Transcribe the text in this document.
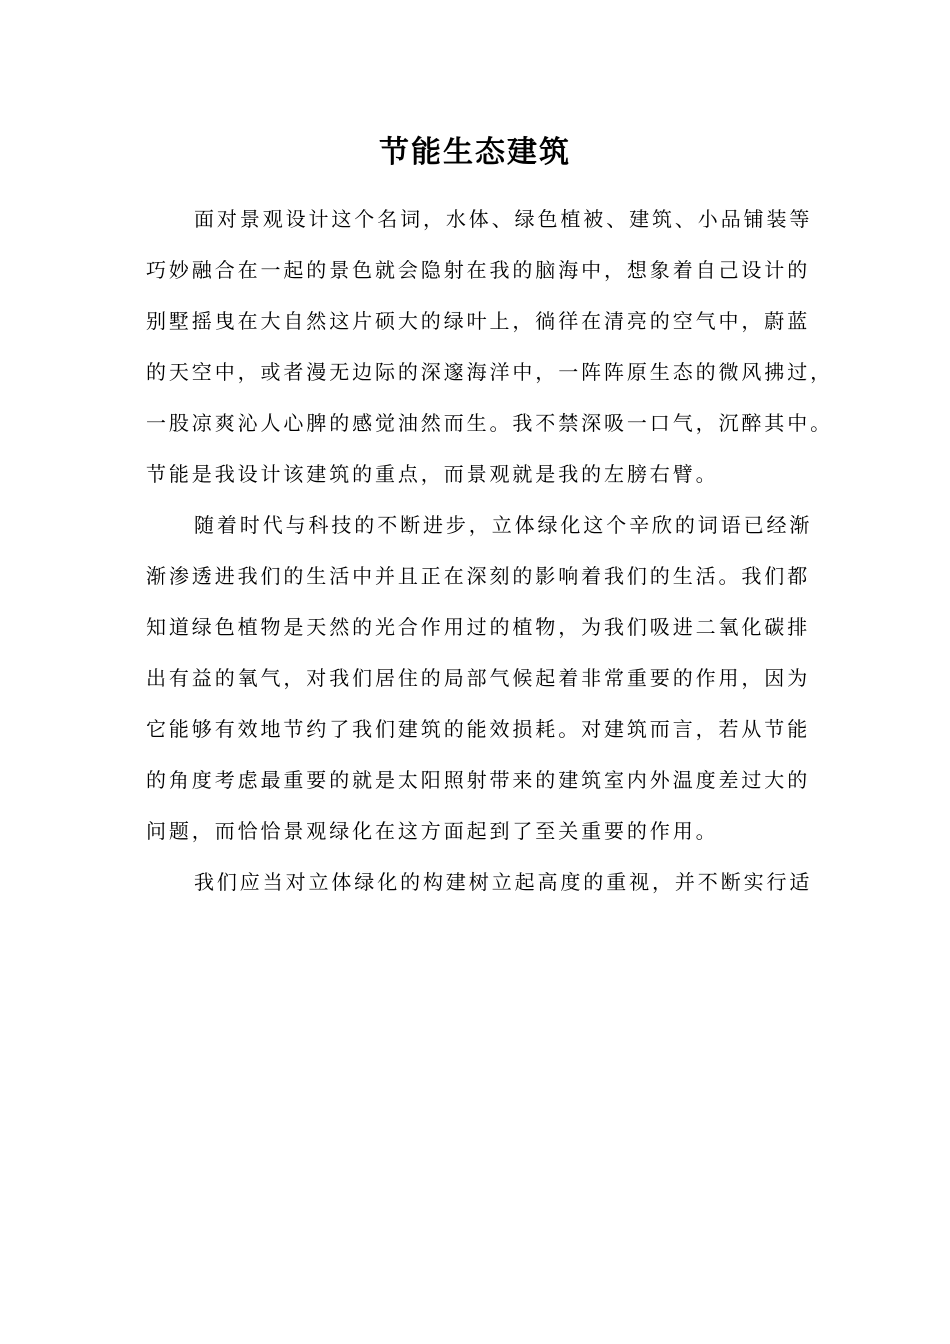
节能生态建筑
面对景观设计这个名词，水体、绿色植被、建筑、小品铺装等
巧妙融合在一起的景色就会隐射在我的脑海中，想象着自己设计的
别墅摇曳在大自然这片硕大的绿叶上，徜徉在清亮的空气中，蔚蓝
的天空中，或者漫无边际的深邃海洋中，一阵阵原生态的微风拂过，
一股凉爽沁人心脾的感觉油然而生。我不禁深吸一口气，沉醉其中。
节能是我设计该建筑的重点，而景观就是我的左膀右臂。
随着时代与科技的不断进步，立体绿化这个辛欣的词语已经渐
渐渗透进我们的生活中并且正在深刻的影响着我们的生活。我们都
知道绿色植物是天然的光合作用过的植物，为我们吸进二氧化碳排
出有益的氧气，对我们居住的局部气候起着非常重要的作用，因为
它能够有效地节约了我们建筑的能效损耗。对建筑而言，若从节能
的角度考虑最重要的就是太阳照射带来的建筑室内外温度差过大的
问题，而恰恰景观绿化在这方面起到了至关重要的作用。
我们应当对立体绿化的构建树立起高度的重视，并不断实行适
